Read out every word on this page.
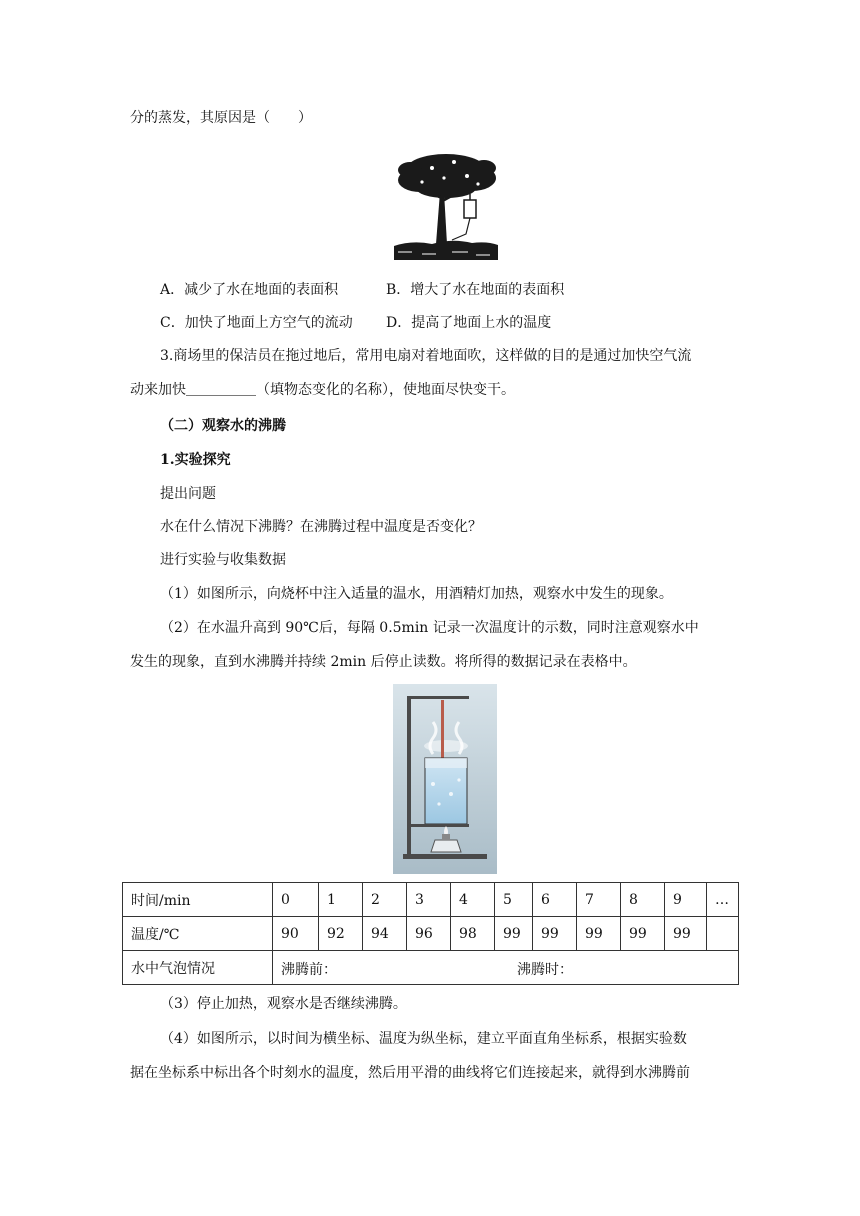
分的蒸发，其原因是（　　）
A．减少了水在地面的表面积	B．增大了水在地面的表面积
C．加快了地面上方空气的流动 D．提高了地面上水的温度
3.商场里的保洁员在拖过地后，常用电扇对着地面吹，这样做的目的是通过加快空气流
动来加快＿＿＿＿＿（填物态变化的名称），使地面尽快变干。
（二）观察水的沸腾
1.实验探究
提出问题
水在什么情况下沸腾？在沸腾过程中温度是否变化？
进行实验与收集数据
（1）如图所示，向烧杯中注入适量的温水，用酒精灯加热，观察水中发生的现象。
（2）在水温升高到 90℃后，每隔 0.5min 记录一次温度计的示数，同时注意观察水中
发生的现象，直到水沸腾并持续 2min 后停止读数。将所得的数据记录在表格中。
时间/min	0	1	2	3	4	5	6	7	8	9	…
温度/℃	90	92	94	96	98	99	99	99	99	99	
水中气泡情况	沸腾前： 沸腾时：										
（3）停止加热，观察水是否继续沸腾。
（4）如图所示，以时间为横坐标、温度为纵坐标，建立平面直角坐标系，根据实验数
据在坐标系中标出各个时刻水的温度，然后用平滑的曲线将它们连接起来，就得到水沸腾前
